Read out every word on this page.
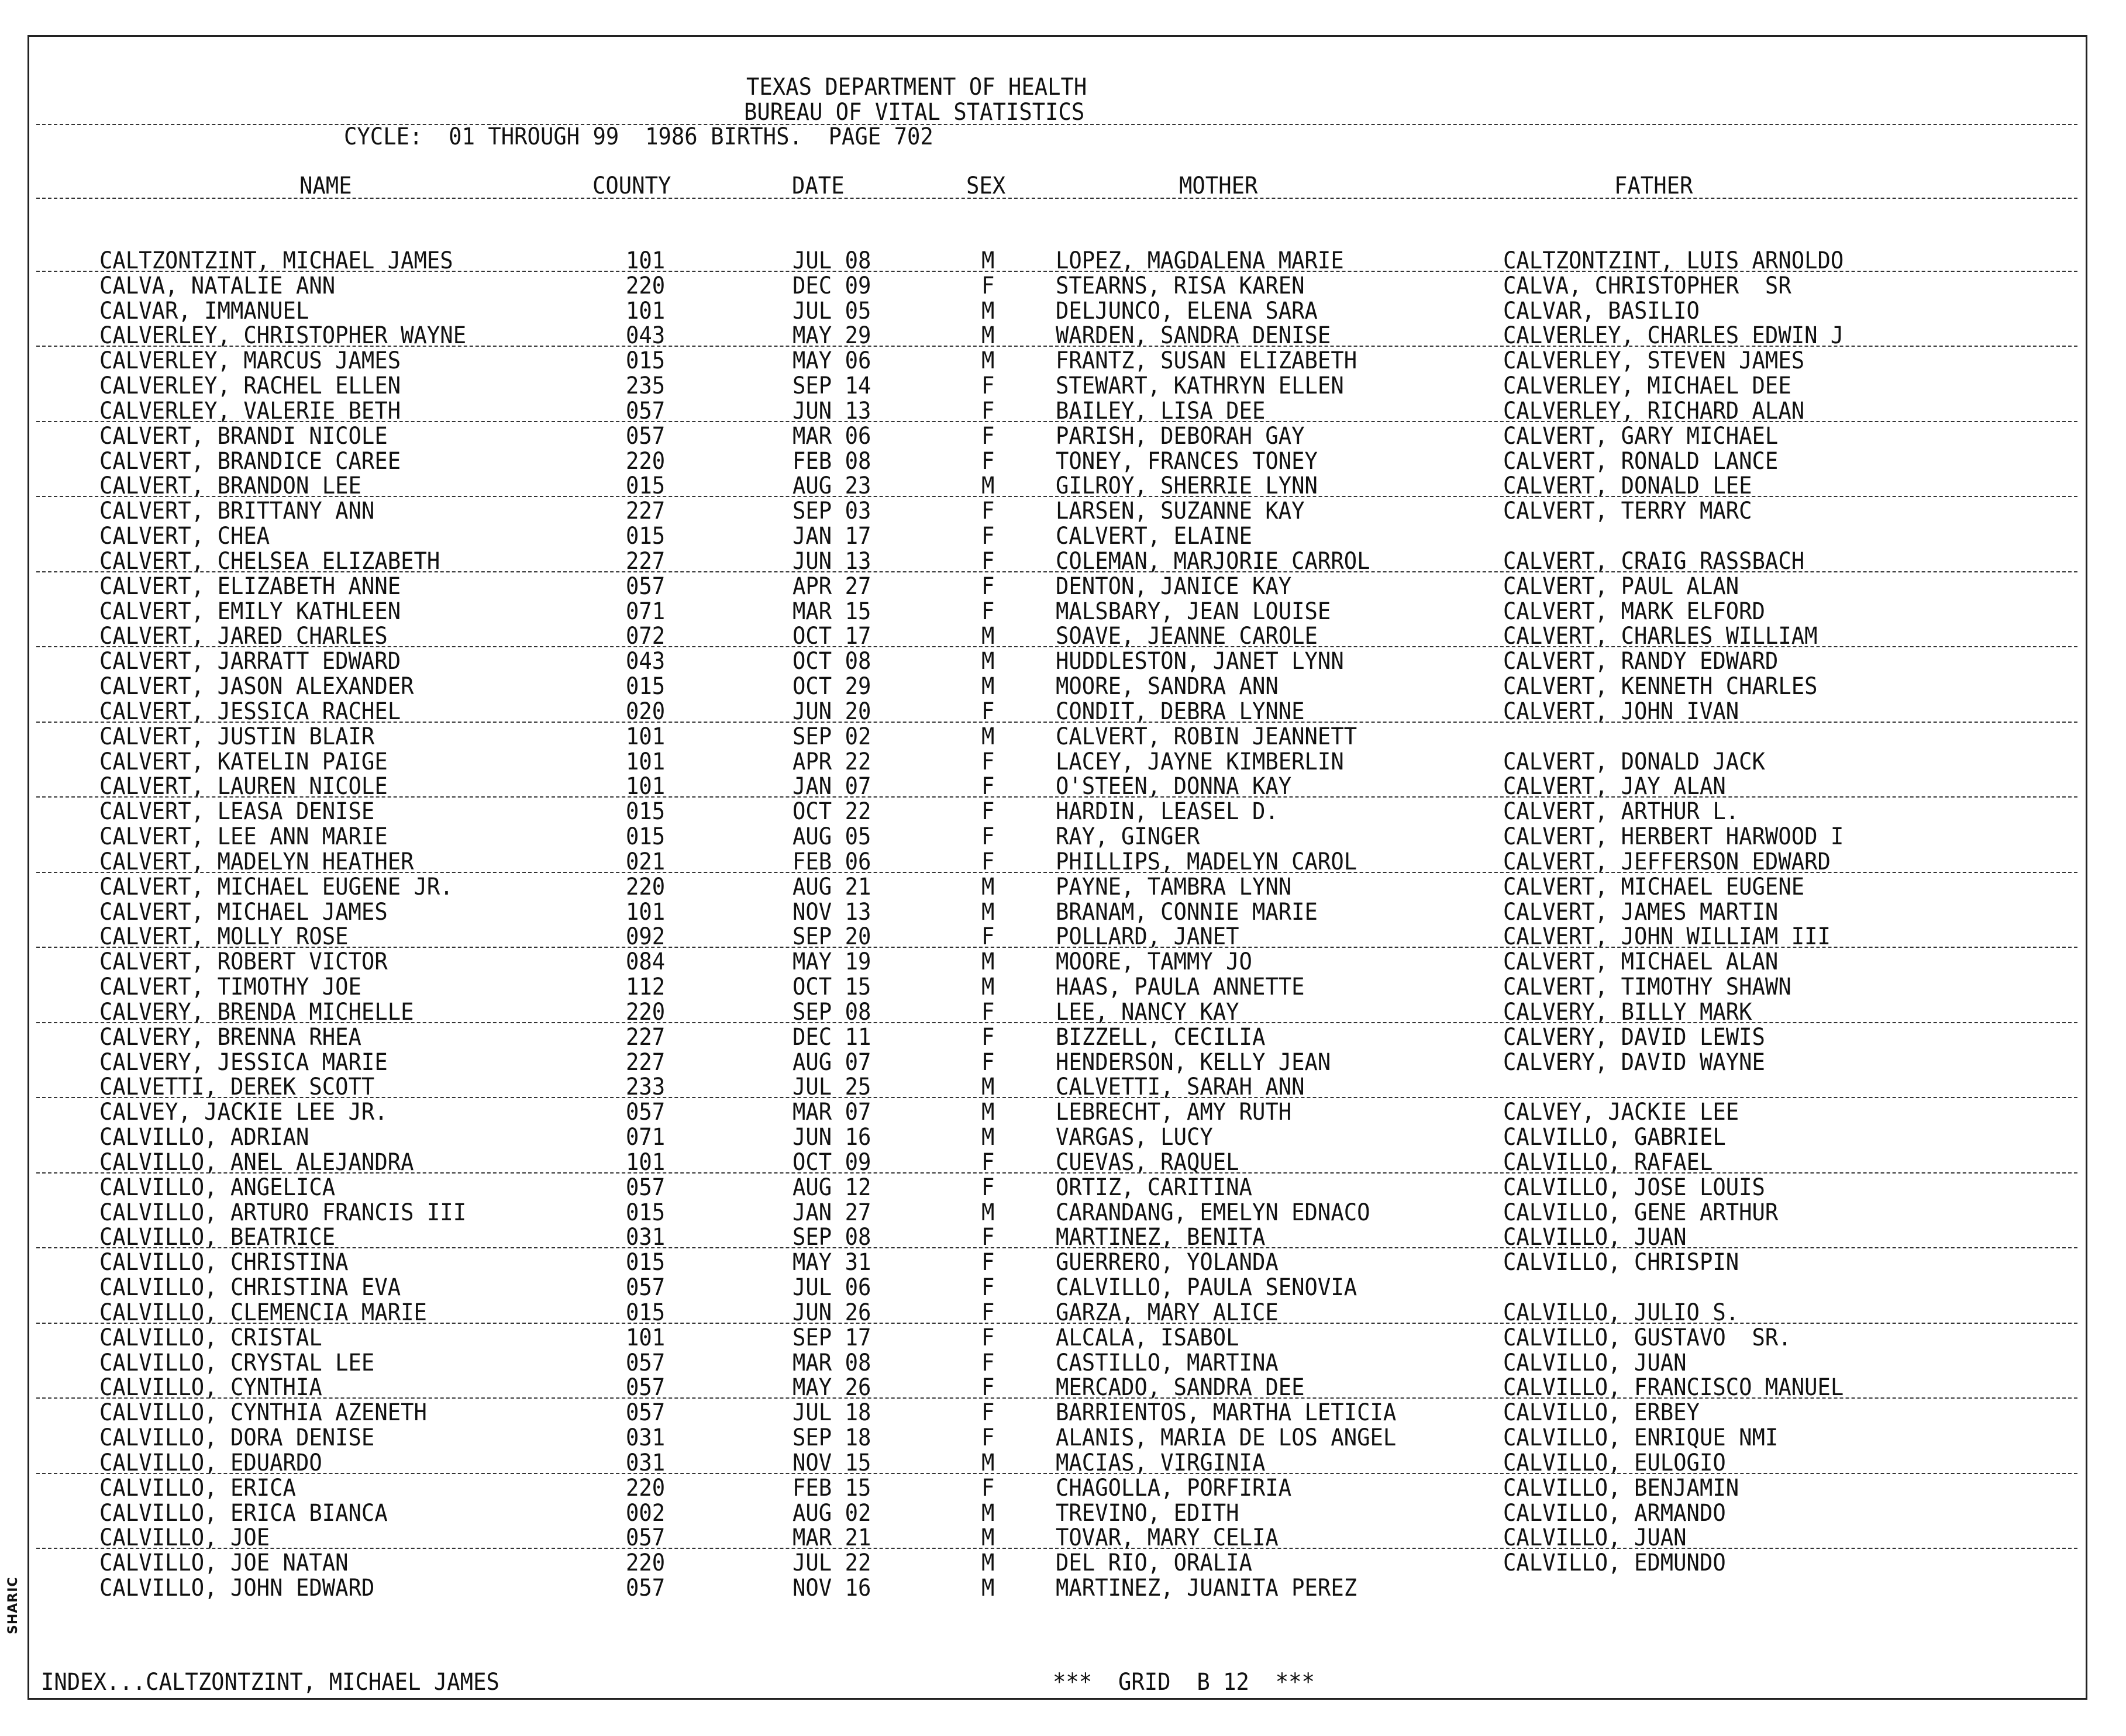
SHARIC
TEXAS DEPARTMENT OF HEALTH
BUREAU OF VITAL STATISTICS
CYCLE:  01 THROUGH 99  1986 BIRTHS.  PAGE 702
NAME	COUNTY	DATE	SEX	MOTHER	FATHER
CALTZONTZINT, MICHAEL JAMES	101	JUL 08	M	LOPEZ, MAGDALENA MARIE	CALTZONTZINT, LUIS ARNOLDO
CALVA, NATALIE ANN	220	DEC 09	F	STEARNS, RISA KAREN	CALVA, CHRISTOPHER  SR
CALVAR, IMMANUEL	101	JUL 05	M	DELJUNCO, ELENA SARA	CALVAR, BASILIO
CALVERLEY, CHRISTOPHER WAYNE	043	MAY 29	M	WARDEN, SANDRA DENISE	CALVERLEY, CHARLES EDWIN J
CALVERLEY, MARCUS JAMES	015	MAY 06	M	FRANTZ, SUSAN ELIZABETH	CALVERLEY, STEVEN JAMES
CALVERLEY, RACHEL ELLEN	235	SEP 14	F	STEWART, KATHRYN ELLEN	CALVERLEY, MICHAEL DEE
CALVERLEY, VALERIE BETH	057	JUN 13	F	BAILEY, LISA DEE	CALVERLEY, RICHARD ALAN
CALVERT, BRANDI NICOLE	057	MAR 06	F	PARISH, DEBORAH GAY	CALVERT, GARY MICHAEL
CALVERT, BRANDICE CAREE	220	FEB 08	F	TONEY, FRANCES TONEY	CALVERT, RONALD LANCE
CALVERT, BRANDON LEE	015	AUG 23	M	GILROY, SHERRIE LYNN	CALVERT, DONALD LEE
CALVERT, BRITTANY ANN	227	SEP 03	F	LARSEN, SUZANNE KAY	CALVERT, TERRY MARC
CALVERT, CHEA	015	JAN 17	F	CALVERT, ELAINE
CALVERT, CHELSEA ELIZABETH	227	JUN 13	F	COLEMAN, MARJORIE CARROL	CALVERT, CRAIG RASSBACH
CALVERT, ELIZABETH ANNE	057	APR 27	F	DENTON, JANICE KAY	CALVERT, PAUL ALAN
CALVERT, EMILY KATHLEEN	071	MAR 15	F	MALSBARY, JEAN LOUISE	CALVERT, MARK ELFORD
CALVERT, JARED CHARLES	072	OCT 17	M	SOAVE, JEANNE CAROLE	CALVERT, CHARLES WILLIAM
CALVERT, JARRATT EDWARD	043	OCT 08	M	HUDDLESTON, JANET LYNN	CALVERT, RANDY EDWARD
CALVERT, JASON ALEXANDER	015	OCT 29	M	MOORE, SANDRA ANN	CALVERT, KENNETH CHARLES
CALVERT, JESSICA RACHEL	020	JUN 20	F	CONDIT, DEBRA LYNNE	CALVERT, JOHN IVAN
CALVERT, JUSTIN BLAIR	101	SEP 02	M	CALVERT, ROBIN JEANNETT
CALVERT, KATELIN PAIGE	101	APR 22	F	LACEY, JAYNE KIMBERLIN	CALVERT, DONALD JACK
CALVERT, LAUREN NICOLE	101	JAN 07	F	O'STEEN, DONNA KAY	CALVERT, JAY ALAN
CALVERT, LEASA DENISE	015	OCT 22	F	HARDIN, LEASEL D.	CALVERT, ARTHUR L.
CALVERT, LEE ANN MARIE	015	AUG 05	F	RAY, GINGER	CALVERT, HERBERT HARWOOD I
CALVERT, MADELYN HEATHER	021	FEB 06	F	PHILLIPS, MADELYN CAROL	CALVERT, JEFFERSON EDWARD
CALVERT, MICHAEL EUGENE JR.	220	AUG 21	M	PAYNE, TAMBRA LYNN	CALVERT, MICHAEL EUGENE
CALVERT, MICHAEL JAMES	101	NOV 13	M	BRANAM, CONNIE MARIE	CALVERT, JAMES MARTIN
CALVERT, MOLLY ROSE	092	SEP 20	F	POLLARD, JANET	CALVERT, JOHN WILLIAM III
CALVERT, ROBERT VICTOR	084	MAY 19	M	MOORE, TAMMY JO	CALVERT, MICHAEL ALAN
CALVERT, TIMOTHY JOE	112	OCT 15	M	HAAS, PAULA ANNETTE	CALVERT, TIMOTHY SHAWN
CALVERY, BRENDA MICHELLE	220	SEP 08	F	LEE, NANCY KAY	CALVERY, BILLY MARK
CALVERY, BRENNA RHEA	227	DEC 11	F	BIZZELL, CECILIA	CALVERY, DAVID LEWIS
CALVERY, JESSICA MARIE	227	AUG 07	F	HENDERSON, KELLY JEAN	CALVERY, DAVID WAYNE
CALVETTI, DEREK SCOTT	233	JUL 25	M	CALVETTI, SARAH ANN
CALVEY, JACKIE LEE JR.	057	MAR 07	M	LEBRECHT, AMY RUTH	CALVEY, JACKIE LEE
CALVILLO, ADRIAN	071	JUN 16	M	VARGAS, LUCY	CALVILLO, GABRIEL
CALVILLO, ANEL ALEJANDRA	101	OCT 09	F	CUEVAS, RAQUEL	CALVILLO, RAFAEL
CALVILLO, ANGELICA	057	AUG 12	F	ORTIZ, CARITINA	CALVILLO, JOSE LOUIS
CALVILLO, ARTURO FRANCIS III	015	JAN 27	M	CARANDANG, EMELYN EDNACO	CALVILLO, GENE ARTHUR
CALVILLO, BEATRICE	031	SEP 08	F	MARTINEZ, BENITA	CALVILLO, JUAN
CALVILLO, CHRISTINA	015	MAY 31	F	GUERRERO, YOLANDA	CALVILLO, CHRISPIN
CALVILLO, CHRISTINA EVA	057	JUL 06	F	CALVILLO, PAULA SENOVIA
CALVILLO, CLEMENCIA MARIE	015	JUN 26	F	GARZA, MARY ALICE	CALVILLO, JULIO S.
CALVILLO, CRISTAL	101	SEP 17	F	ALCALA, ISABOL	CALVILLO, GUSTAVO  SR.
CALVILLO, CRYSTAL LEE	057	MAR 08	F	CASTILLO, MARTINA	CALVILLO, JUAN
CALVILLO, CYNTHIA	057	MAY 26	F	MERCADO, SANDRA DEE	CALVILLO, FRANCISCO MANUEL
CALVILLO, CYNTHIA AZENETH	057	JUL 18	F	BARRIENTOS, MARTHA LETICIA	CALVILLO, ERBEY
CALVILLO, DORA DENISE	031	SEP 18	F	ALANIS, MARIA DE LOS ANGEL	CALVILLO, ENRIQUE NMI
CALVILLO, EDUARDO	031	NOV 15	M	MACIAS, VIRGINIA	CALVILLO, EULOGIO
CALVILLO, ERICA	220	FEB 15	F	CHAGOLLA, PORFIRIA	CALVILLO, BENJAMIN
CALVILLO, ERICA BIANCA	002	AUG 02	M	TREVINO, EDITH	CALVILLO, ARMANDO
CALVILLO, JOE	057	MAR 21	M	TOVAR, MARY CELIA	CALVILLO, JUAN
CALVILLO, JOE NATAN	220	JUL 22	M	DEL RIO, ORALIA	CALVILLO, EDMUNDO
CALVILLO, JOHN EDWARD	057	NOV 16	M	MARTINEZ, JUANITA PEREZ
INDEX...CALTZONTZINT, MICHAEL JAMES	***  GRID  B 12  ***
